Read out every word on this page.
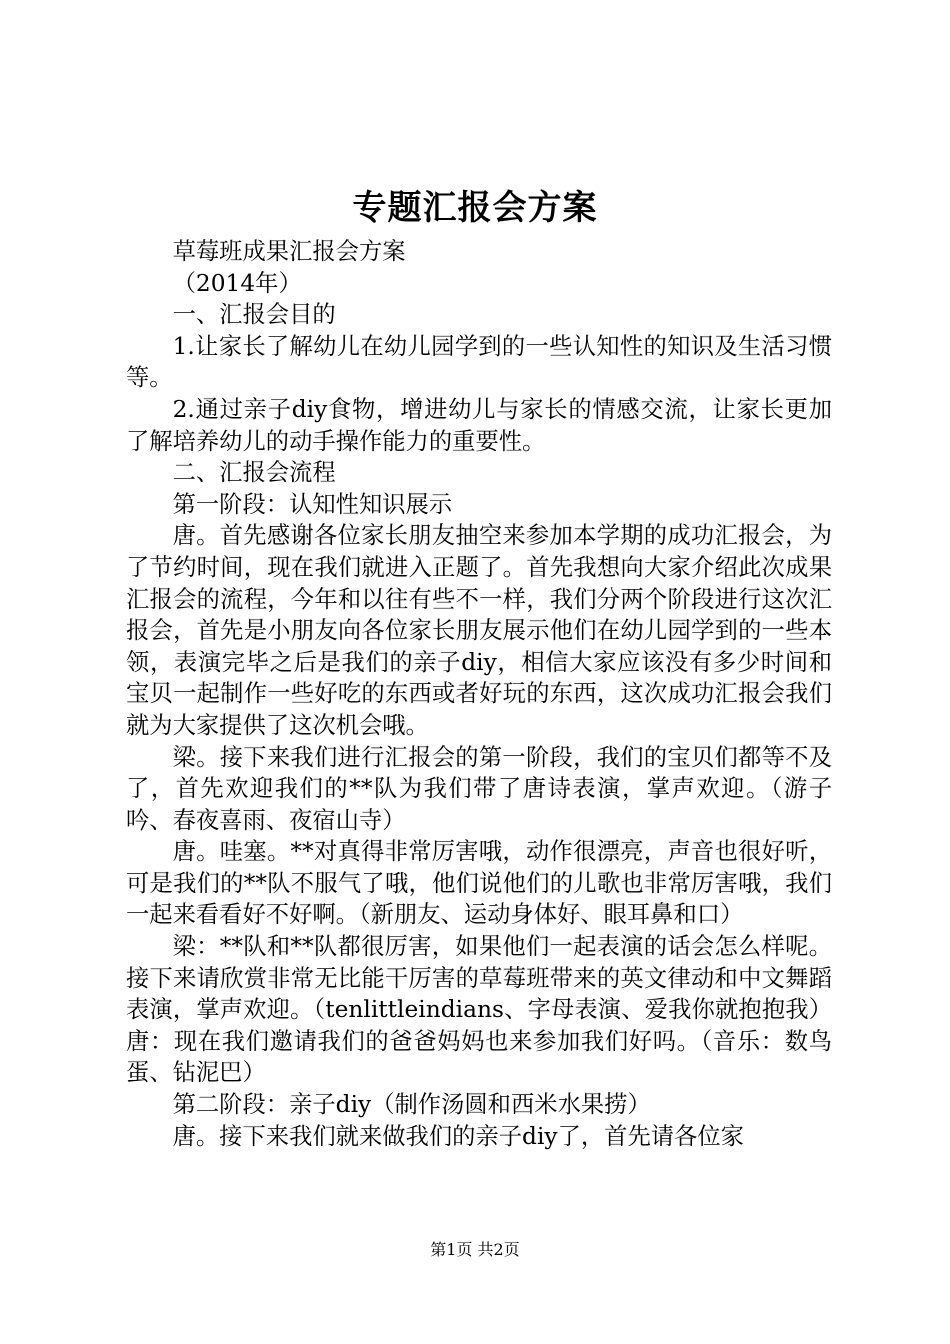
专题汇报会方案

草莓班成果汇报会方案

（2014年）

一、汇报会目的

1.让家长了解幼儿在幼儿园学到的一些认知性的知识及生活习惯等。

2.通过亲子diy食物，增进幼儿与家长的情感交流，让家长更加了解培养幼儿的动手操作能力的重要性。

二、汇报会流程

第一阶段：认知性知识展示

唐。首先感谢各位家长朋友抽空来参加本学期的成功汇报会，为了节约时间，现在我们就进入正题了。首先我想向大家介绍此次成果汇报会的流程，今年和以往有些不一样，我们分两个阶段进行这次汇报会，首先是小朋友向各位家长朋友展示他们在幼儿园学到的一些本领，表演完毕之后是我们的亲子diy，相信大家应该没有多少时间和宝贝一起制作一些好吃的东西或者好玩的东西，这次成功汇报会我们就为大家提供了这次机会哦。

梁。接下来我们进行汇报会的第一阶段，我们的宝贝们都等不及了，首先欢迎我们的**队为我们带了唐诗表演，掌声欢迎。（游子吟、春夜喜雨、夜宿山寺）

唐。哇塞。**对真得非常厉害哦，动作很漂亮，声音也很好听，可是我们的**队不服气了哦，他们说他们的儿歌也非常厉害哦，我们一起来看看好不好啊。（新朋友、运动身体好、眼耳鼻和口）

梁：**队和**队都很厉害，如果他们一起表演的话会怎么样呢。接下来请欣赏非常无比能干厉害的草莓班带来的英文律动和中文舞蹈表演，掌声欢迎。（tenlittleindians、字母表演、爱我你就抱抱我）唐：现在我们邀请我们的爸爸妈妈也来参加我们好吗。（音乐：数鸟蛋、钻泥巴）

第二阶段：亲子diy（制作汤圆和西米水果捞）

唐。接下来我们就来做我们的亲子diy了，首先请各位家

第1页 共2页
